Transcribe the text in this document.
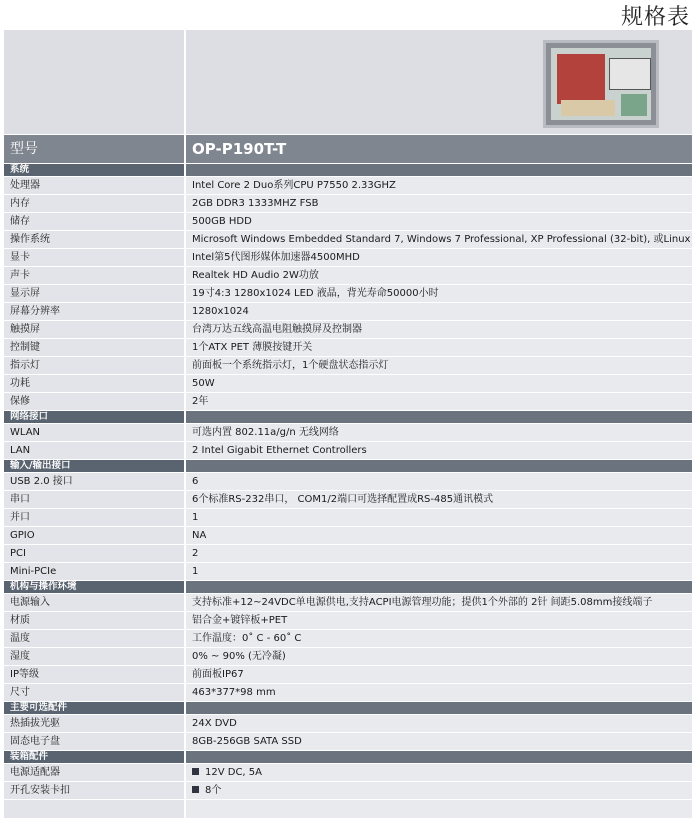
规格表

型号	OP-P190T-T
系统	
处理器	Intel Core 2 Duo系列CPU P7550 2.33GHZ
内存	2GB DDR3 1333MHZ FSB
储存	500GB HDD
操作系统	Microsoft Windows Embedded Standard 7, Windows 7 Professional, XP Professional (32-bit), 或Linux
显卡	Intel第5代图形媒体加速器4500MHD
声卡	Realtek HD Audio 2W功放
显示屏	19寸4:3 1280x1024 LED 液晶，背光寿命50000小时
屏幕分辨率	1280x1024
触摸屏	台湾万达五线高温电阻触摸屏及控制器
控制键	1个ATX PET 薄膜按键开关
指示灯	前面板一个系统指示灯，1个硬盘状态指示灯
功耗	50W
保修	2年
网络接口	
WLAN	可选内置 802.11a/g/n 无线网络
LAN	2 Intel Gigabit Ethernet Controllers
输入/输出接口	
USB 2.0 接口	6
串口	6个标准RS-232串口， COM1/2端口可选择配置成RS-485通讯模式
并口	1
GPIO	NA
PCI	2
Mini-PCIe	1
机构与操作环境	
电源输入	支持标准+12~24VDC单电源供电,支持ACPI电源管理功能；提供1个外部的 2针 间距5.08mm接线端子
材质	铝合金+镀锌板+PET
温度	工作温度：0˚ C - 60˚ C
湿度	0% ~ 90% (无冷凝)
IP等级	前面板IP67
尺寸	463*377*98 mm
主要可选配件	
热插拔光驱	24X DVD
固态电子盘	8GB-256GB SATA SSD
装箱配件	
电源适配器	12V DC, 5A
开孔安装卡扣	8个
